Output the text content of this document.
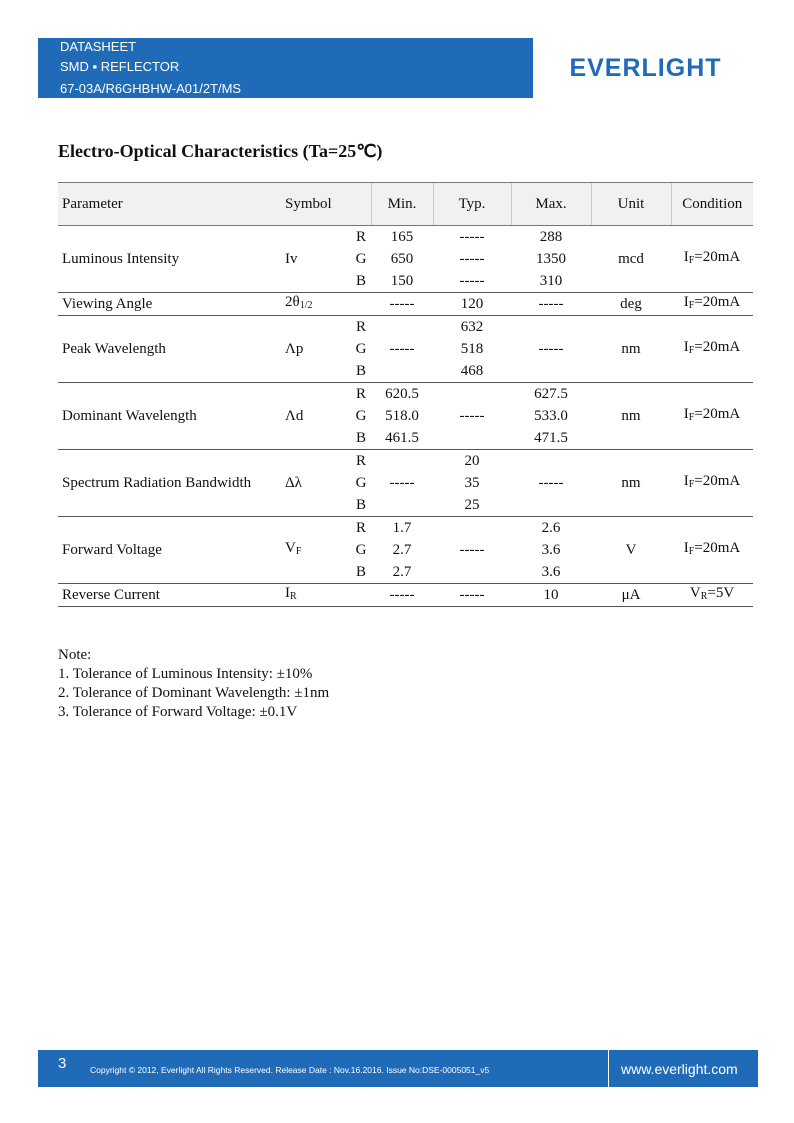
DATASHEET
SMD ▪ REFLECTOR
67-03A/R6GHBHW-A01/2T/MS
EVERLIGHT
Electro-Optical Characteristics (Ta=25℃)
Parameter	Symbol		Min.	Typ.	Max.	Unit	Condition
Luminous Intensity	Iv	R	165	-----	288	mcd	$I_F=20mA$
		G	650	-----	1350		
		B	150	-----	310		
Viewing Angle	$2\theta_{1/2}$		-----	120	-----	deg	$I_F=20mA$
Peak Wavelength	Λp	R	-----	632	-----	nm	$I_F=20mA$
		G		518			
		B		468			
Dominant Wavelength	Λd	R	620.5	-----	627.5	nm	$I_F=20mA$
		G	518.0		533.0		
		B	461.5		471.5		
Spectrum Radiation Bandwidth	Δλ	R	-----	20	-----	nm	$I_F=20mA$
		G		35			
		B		25			
Forward Voltage	$V_F$	R	1.7	-----	2.6	V	$I_F=20mA$
		G	2.7		3.6		
		B	2.7		3.6		
Reverse Current	$I_R$		-----	-----	10	μA	$V_R=5V$
Note:
1. Tolerance of Luminous Intensity: ±10%
2. Tolerance of Dominant Wavelength: ±1nm
3. Tolerance of Forward Voltage: ±0.1V
3	Copyright © 2012, Everlight All Rights Reserved. Release Date : Nov.16.2016. Issue No:DSE-0005051_v5	www.everlight.com
